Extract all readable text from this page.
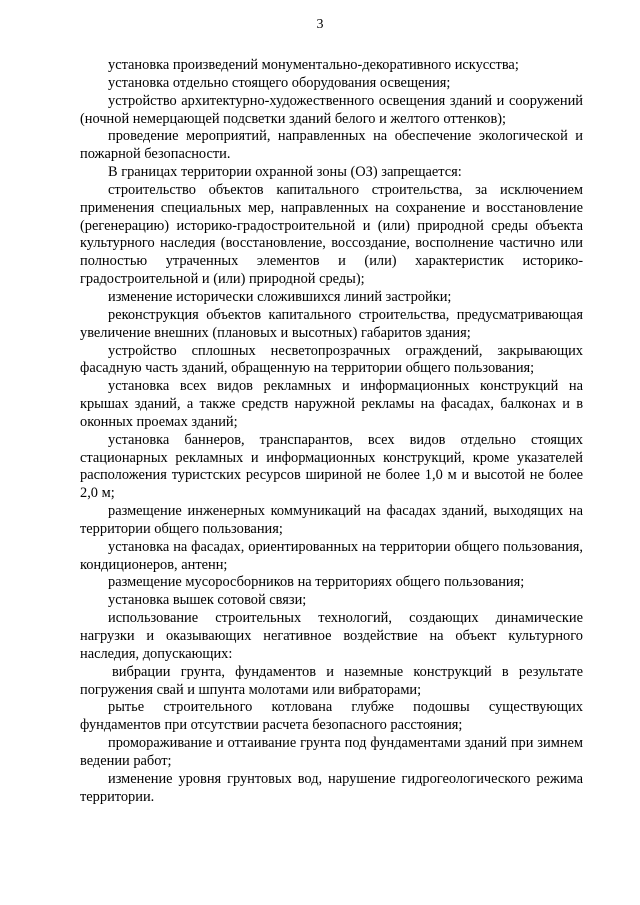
3

установка произведений монументально-декоративного искусства;

установка отдельно стоящего оборудования освещения;

устройство архитектурно-художественного освещения зданий и сооружений (ночной немерцающей подсветки зданий белого и желтого оттенков);

проведение мероприятий, направленных на обеспечение экологической и пожарной безопасности.

В границах территории охранной зоны (ОЗ) запрещается:

строительство объектов капитального строительства, за исключением применения специальных мер, направленных на сохранение и восстановление (регенерацию) историко-градостроительной и (или) природной среды объекта культурного наследия (восстановление, воссоздание, восполнение частично или полностью утраченных элементов и (или) характеристик историко-градостроительной и (или) природной среды);

изменение исторически сложившихся линий застройки;

реконструкция объектов капитального строительства, предусматривающая увеличение внешних (плановых и высотных) габаритов здания;

устройство сплошных несветопрозрачных ограждений, закрывающих фасадную часть зданий, обращенную на территории общего пользования;

установка всех видов рекламных и информационных конструкций на крышах зданий, а также средств наружной рекламы на фасадах, балконах и в оконных проемах зданий;

установка баннеров, транспарантов, всех видов отдельно стоящих стационарных рекламных и информационных конструкций, кроме указателей расположения туристских ресурсов шириной не более 1,0 м и высотой не более 2,0 м;

размещение инженерных коммуникаций на фасадах зданий, выходящих на территории общего пользования;

установка на фасадах, ориентированных на территории общего пользования, кондиционеров, антенн;

размещение мусоросборников на территориях общего пользования;

установка вышек сотовой связи;

использование строительных технологий, создающих динамические нагрузки и оказывающих негативное воздействие на объект культурного наследия, допускающих:

вибрации грунта, фундаментов и наземные конструкций в результате погружения свай и шпунта молотами или вибраторами;

рытье строительного котлована глубже подошвы существующих фундаментов при отсутствии расчета безопасного расстояния;

промораживание и оттаивание грунта под фундаментами зданий при зимнем ведении работ;

изменение уровня грунтовых вод, нарушение гидрогеологического режима территории.
